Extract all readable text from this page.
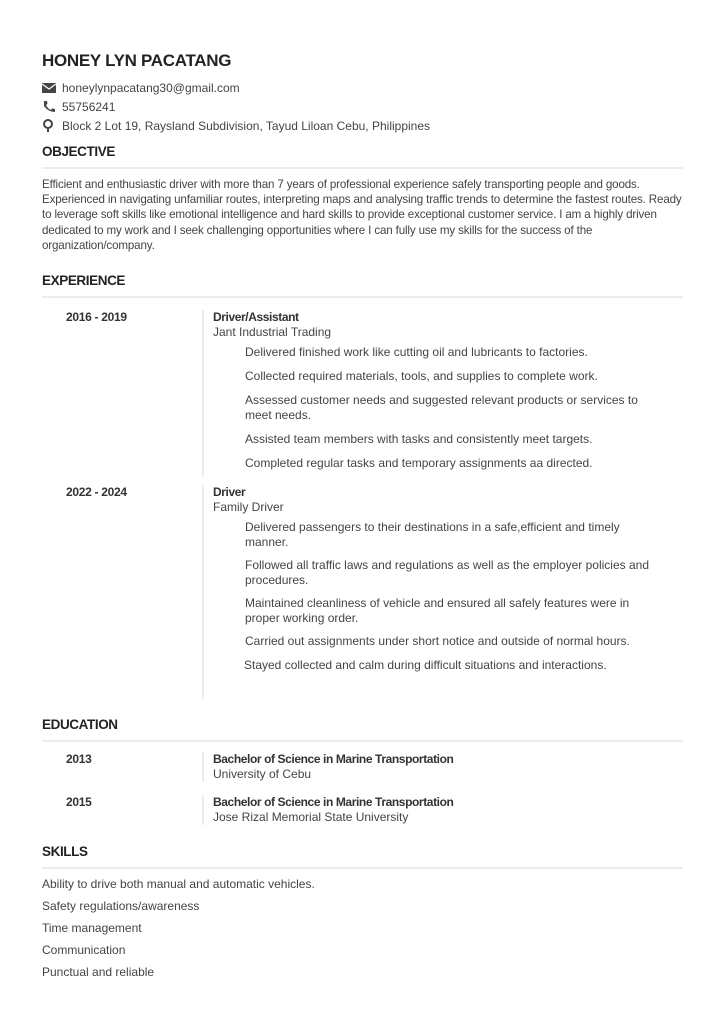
HONEY LYN PACATANG
honeylynpacatang30@gmail.com
55756241
Block 2 Lot 19, Raysland Subdivision, Tayud Liloan Cebu, Philippines
OBJECTIVE

Efficient and enthusiastic driver with more than 7 years of professional experience safely transporting people and goods. Experienced in navigating unfamiliar routes, interpreting maps and analysing traffic trends to determine the fastest routes. Ready to leverage soft skills like emotional intelligence and hard skills to provide exceptional customer service. I am a highly driven dedicated to my work and I seek challenging opportunities where I can fully use my skills for the success of the organization/company.

EXPERIENCE
2016 - 2019	Driver/Assistant
Jant Industrial Trading
Delivered finished work like cutting oil and lubricants to factories.
Collected required materials, tools, and supplies to complete work.
Assessed customer needs and suggested relevant products or services to meet needs.
Assisted team members with tasks and consistently meet targets.
Completed regular tasks and temporary assignments aa directed.
2022 - 2024	Driver
Family Driver
Delivered passengers to their destinations in a safe,efficient and timely manner.
Followed all traffic laws and regulations as well as the employer policies and procedures.
Maintained cleanliness of vehicle and ensured all safely features were in proper working order.
Carried out assignments under short notice and outside of normal hours.
Stayed collected and calm during difficult situations and interactions.
EDUCATION
2013	Bachelor of Science in Marine Transportation
University of Cebu
2015	Bachelor of Science in Marine Transportation
Jose Rizal Memorial State University
SKILLS
Ability to drive both manual and automatic vehicles.
Safety regulations/awareness
Time management
Communication
Punctual and reliable
